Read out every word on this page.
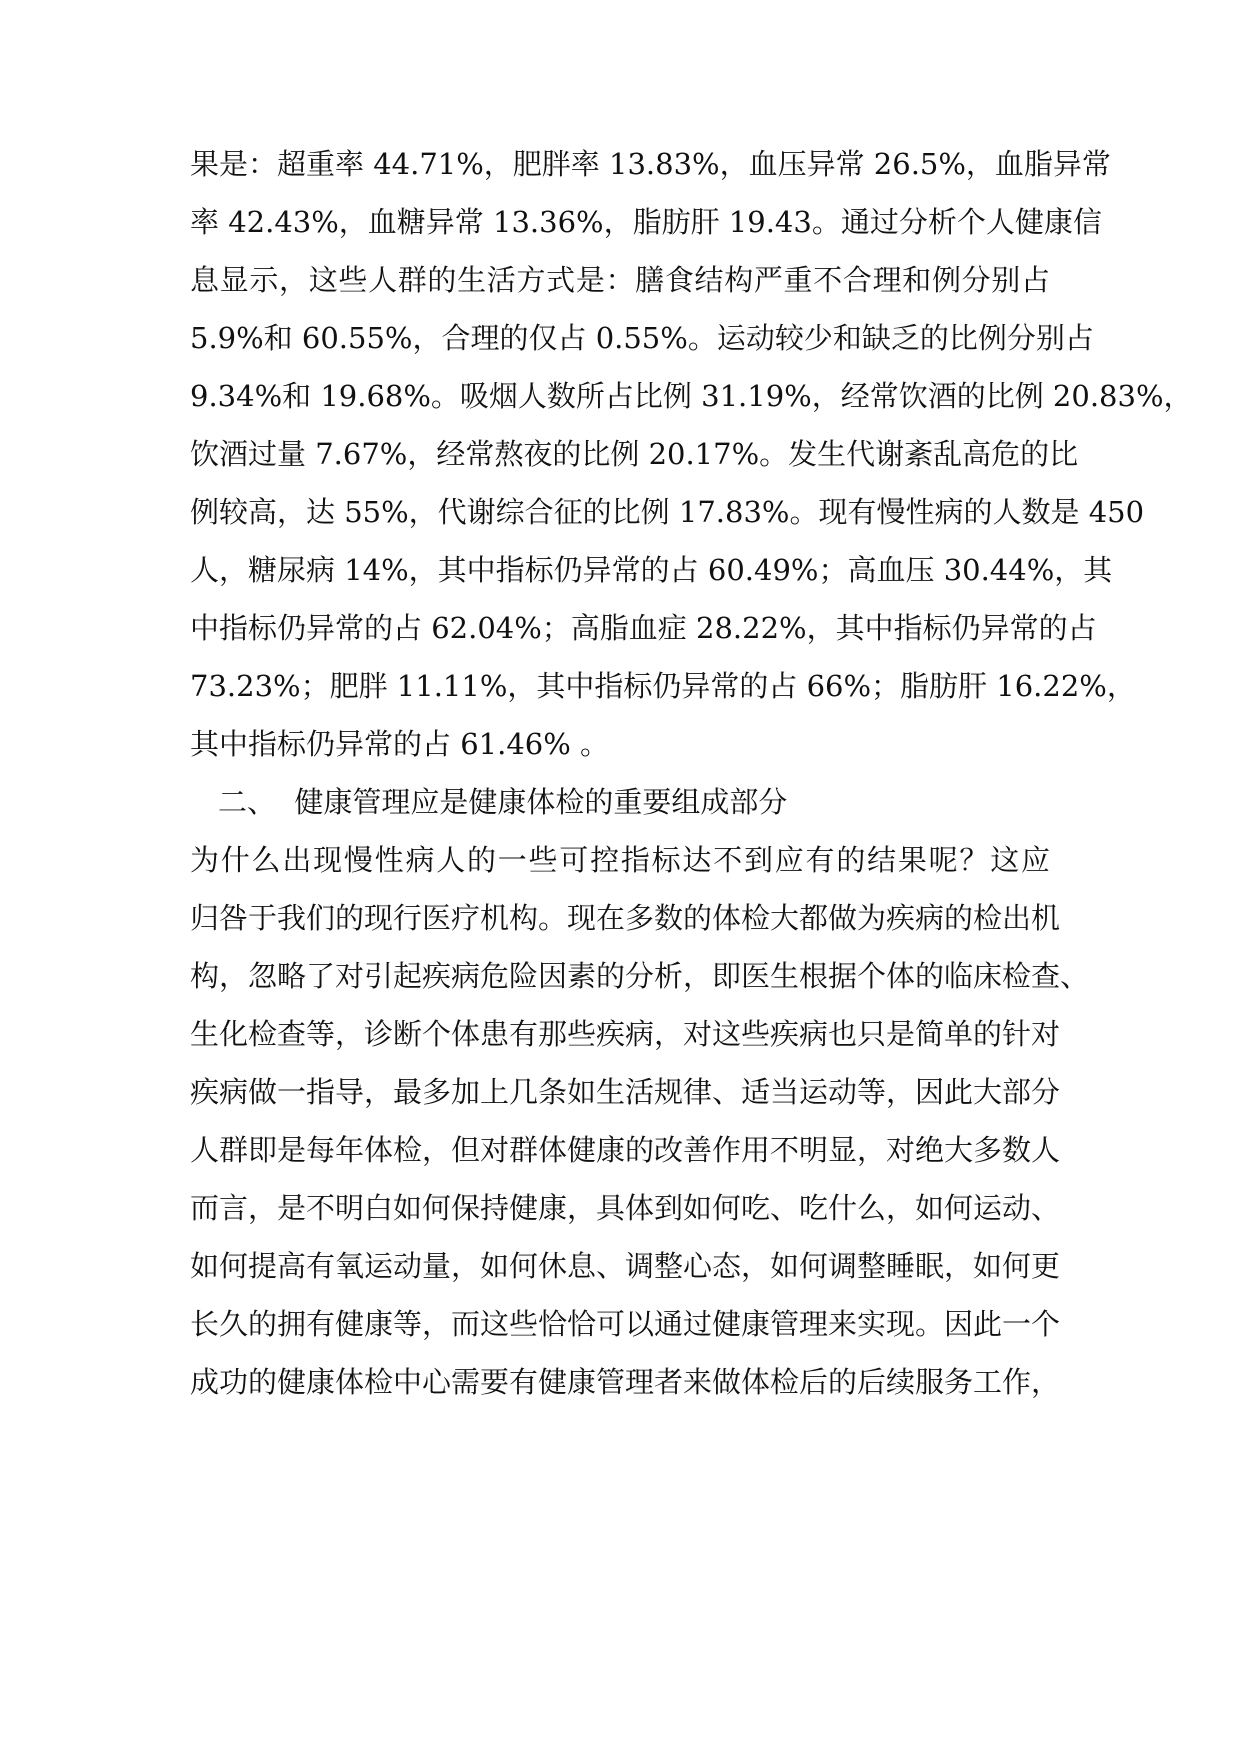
果是：超重率 44.71%，肥胖率 13.83%，血压异常 26.5%，血脂异常
率 42.43%，血糖异常 13.36%，脂肪肝 19.43。通过分析个人健康信
息显示，这些人群的生活方式是：膳食结构严重不合理和例分别占
5.9%和 60.55%，合理的仅占 0.55%。运动较少和缺乏的比例分别占
9.34%和 19.68%。吸烟人数所占比例 31.19%，经常饮酒的比例 20.83%，
饮酒过量 7.67%，经常熬夜的比例 20.17%。发生代谢紊乱高危的比
例较高，达 55%，代谢综合征的比例 17.83%。现有慢性病的人数是 450
人，糖尿病 14%，其中指标仍异常的占 60.49%；高血压 30.44%，其
中指标仍异常的占 62.04%；高脂血症 28.22%，其中指标仍异常的占
73.23%；肥胖 11.11%，其中指标仍异常的占 66%；脂肪肝 16.22%，
其中指标仍异常的占 61.46% 。
二、  健康管理应是健康体检的重要组成部分
为什么出现慢性病人的一些可控指标达不到应有的结果呢？这应
归咎于我们的现行医疗机构。现在多数的体检大都做为疾病的检出机
构，忽略了对引起疾病危险因素的分析，即医生根据个体的临床检查、
生化检查等，诊断个体患有那些疾病，对这些疾病也只是简单的针对
疾病做一指导，最多加上几条如生活规律、适当运动等，因此大部分
人群即是每年体检，但对群体健康的改善作用不明显，对绝大多数人
而言，是不明白如何保持健康，具体到如何吃、吃什么，如何运动、
如何提高有氧运动量，如何休息、调整心态，如何调整睡眠，如何更
长久的拥有健康等，而这些恰恰可以通过健康管理来实现。因此一个
成功的健康体检中心需要有健康管理者来做体检后的后续服务工作，
